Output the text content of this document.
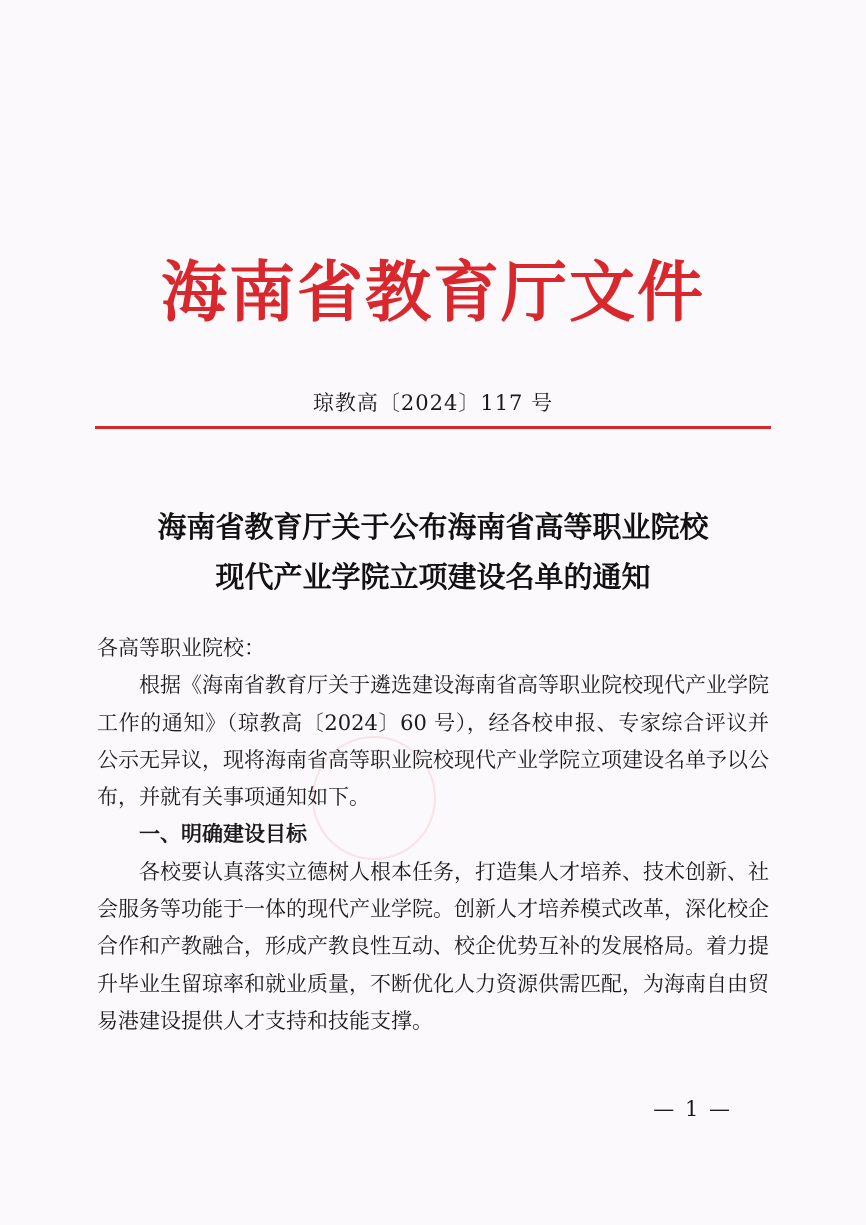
海南省教育厅文件
琼教高〔2024〕117 号
海南省教育厅关于公布海南省高等职业院校
现代产业学院立项建设名单的通知

各高等职业院校：

根据《海南省教育厅关于遴选建设海南省高等职业院校现代产业学院工作的通知》（琼教高〔2024〕60 号），经各校申报、专家综合评议并公示无异议，现将海南省高等职业院校现代产业学院立项建设名单予以公布，并就有关事项通知如下。

一、明确建设目标

各校要认真落实立德树人根本任务，打造集人才培养、技术创新、社会服务等功能于一体的现代产业学院。创新人才培养模式改革，深化校企合作和产教融合，形成产教良性互动、校企优势互补的发展格局。着力提升毕业生留琼率和就业质量，不断优化人力资源供需匹配，为海南自由贸易港建设提供人才支持和技能支撑。

— 1 —
